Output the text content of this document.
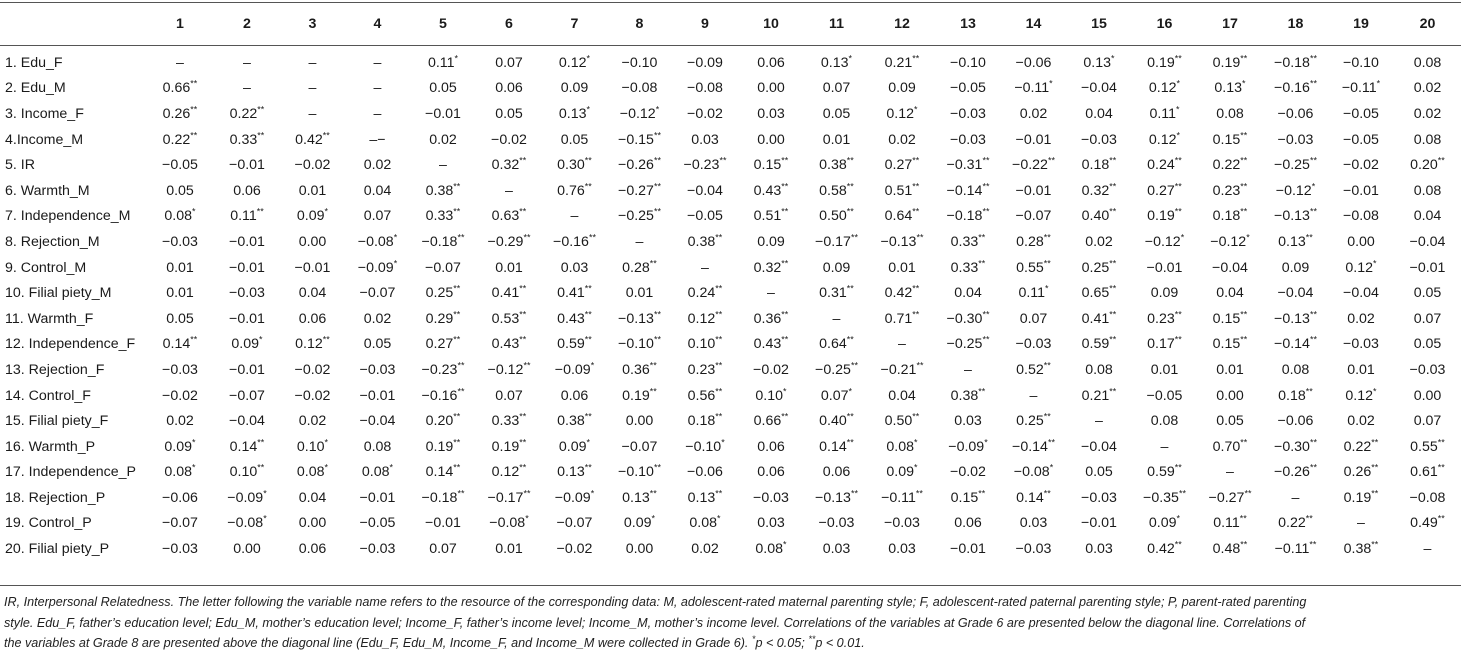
	1	2	3	4	5	6	7	8	9	10	11	12	13	14	15	16	17	18	19	20
1. Edu_F	–	–	–	–	0.11*	0.07	0.12*	−0.10	−0.09	0.06	0.13*	0.21**	−0.10	−0.06	0.13*	0.19**	0.19**	−0.18**	−0.10	0.08
2. Edu_M	0.66**	–	–	–	0.05	0.06	0.09	−0.08	−0.08	0.00	0.07	0.09	−0.05	−0.11*	−0.04	0.12*	0.13*	−0.16**	−0.11*	0.02
3. Income_F	0.26**	0.22**	–	–	−0.01	0.05	0.13*	−0.12*	−0.02	0.03	0.05	0.12*	−0.03	0.02	0.04	0.11*	0.08	−0.06	−0.05	0.02
4.Income_M	0.22**	0.33**	0.42**	–−	0.02	−0.02	0.05	−0.15**	0.03	0.00	0.01	0.02	−0.03	−0.01	−0.03	0.12*	0.15**	−0.03	−0.05	0.08
5. IR	−0.05	−0.01	−0.02	0.02	–	0.32**	0.30**	−0.26**	−0.23**	0.15**	0.38**	0.27**	−0.31**	−0.22**	0.18**	0.24**	0.22**	−0.25**	−0.02	0.20**
6. Warmth_M	0.05	0.06	0.01	0.04	0.38**	–	0.76**	−0.27**	−0.04	0.43**	0.58**	0.51**	−0.14**	−0.01	0.32**	0.27**	0.23**	−0.12*	−0.01	0.08
7. Independence_M	0.08*	0.11**	0.09*	0.07	0.33**	0.63**	–	−0.25**	−0.05	0.51**	0.50**	0.64**	−0.18**	−0.07	0.40**	0.19**	0.18**	−0.13**	−0.08	0.04
8. Rejection_M	−0.03	−0.01	0.00	−0.08*	−0.18**	−0.29**	−0.16**	–	0.38**	0.09	−0.17**	−0.13**	0.33**	0.28**	0.02	−0.12*	−0.12*	0.13**	0.00	−0.04
9. Control_M	0.01	−0.01	−0.01	−0.09*	−0.07	0.01	0.03	0.28**	–	0.32**	0.09	0.01	0.33**	0.55**	0.25**	−0.01	−0.04	0.09	0.12*	−0.01
10. Filial piety_M	0.01	−0.03	0.04	−0.07	0.25**	0.41**	0.41**	0.01	0.24**	–	0.31**	0.42**	0.04	0.11*	0.65**	0.09	0.04	−0.04	−0.04	0.05
11. Warmth_F	0.05	−0.01	0.06	0.02	0.29**	0.53**	0.43**	−0.13**	0.12**	0.36**	–	0.71**	−0.30**	0.07	0.41**	0.23**	0.15**	−0.13**	0.02	0.07
12. Independence_F	0.14**	0.09*	0.12**	0.05	0.27**	0.43**	0.59**	−0.10**	0.10**	0.43**	0.64**	–	−0.25**	−0.03	0.59**	0.17**	0.15**	−0.14**	−0.03	0.05
13. Rejection_F	−0.03	−0.01	−0.02	−0.03	−0.23**	−0.12**	−0.09*	0.36**	0.23**	−0.02	−0.25**	−0.21**	–	0.52**	0.08	0.01	0.01	0.08	0.01	−0.03
14. Control_F	−0.02	−0.07	−0.02	−0.01	−0.16**	0.07	0.06	0.19**	0.56**	0.10*	0.07*	0.04	0.38**	–	0.21**	−0.05	0.00	0.18**	0.12*	0.00
15. Filial piety_F	0.02	−0.04	0.02	−0.04	0.20**	0.33**	0.38**	0.00	0.18**	0.66**	0.40**	0.50**	0.03	0.25**	–	0.08	0.05	−0.06	0.02	0.07
16. Warmth_P	0.09*	0.14**	0.10*	0.08	0.19**	0.19**	0.09*	−0.07	−0.10*	0.06	0.14**	0.08*	−0.09*	−0.14**	−0.04	–	0.70**	−0.30**	0.22**	0.55**
17. Independence_P	0.08*	0.10**	0.08*	0.08*	0.14**	0.12**	0.13**	−0.10**	−0.06	0.06	0.06	0.09*	−0.02	−0.08*	0.05	0.59**	–	−0.26**	0.26**	0.61**
18. Rejection_P	−0.06	−0.09*	0.04	−0.01	−0.18**	−0.17**	−0.09*	0.13**	0.13**	−0.03	−0.13**	−0.11**	0.15**	0.14**	−0.03	−0.35**	−0.27**	–	0.19**	−0.08
19. Control_P	−0.07	−0.08*	0.00	−0.05	−0.01	−0.08*	−0.07	0.09*	0.08*	0.03	−0.03	−0.03	0.06	0.03	−0.01	0.09*	0.11**	0.22**	–	0.49**
20. Filial piety_P	−0.03	0.00	0.06	−0.03	0.07	0.01	−0.02	0.00	0.02	0.08*	0.03	0.03	−0.01	−0.03	0.03	0.42**	0.48**	−0.11**	0.38**	–
IR, Interpersonal Relatedness. The letter following the variable name refers to the resource of the corresponding data: M, adolescent-rated maternal parenting style; F, adolescent-rated paternal parenting style; P, parent-rated parenting
style. Edu_F, father’s education level; Edu_M, mother’s education level; Income_F, father’s income level; Income_M, mother’s income level. Correlations of the variables at Grade 6 are presented below the diagonal line. Correlations of
the variables at Grade 8 are presented above the diagonal line (Edu_F, Edu_M, Income_F, and Income_M were collected in Grade 6). *p < 0.05; **p < 0.01.
